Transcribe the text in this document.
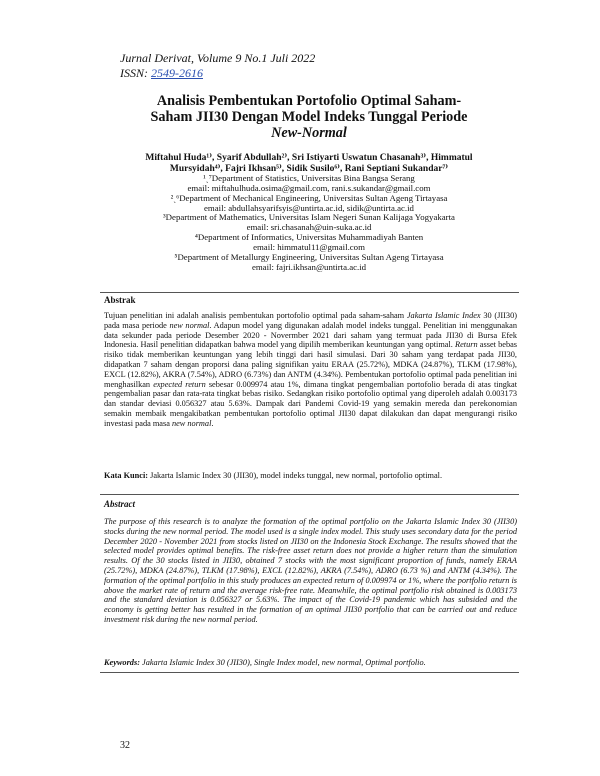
Jurnal Derivat, Volume 9 No.1 Juli 2022
ISSN: 2549-2616
Analisis Pembentukan Portofolio Optimal Saham-
Saham JII30 Dengan Model Indeks Tunggal Periode
New-Normal
Miftahul Huda¹⁾, Syarif Abdullah²⁾, Sri Istiyarti Uswatun Chasanah³⁾, Himmatul
Mursyidah⁴⁾, Fajri Ikhsan⁵⁾, Sidik Susilo⁶⁾, Rani Septiani Sukandar⁷⁾
¹ˎ⁷Department of Statistics, Universitas Bina Bangsa Serang
email: miftahulhuda.osima@gmail.com, rani.s.sukandar@gmail.com
²ˎ⁶Department of Mechanical Engineering, Universitas Sultan Ageng Tirtayasa
email: abdullahsyarifsyis@untirta.ac.id, sidik@untirta.ac.id
³Department of Mathematics, Universitas Islam Negeri Sunan Kalijaga Yogyakarta
email: sri.chasanah@uin-suka.ac.id
⁴Department of Informatics, Universitas Muhammadiyah Banten
email: himmatul11@gmail.com
⁵Department of Metallurgy Engineering, Universitas Sultan Ageng Tirtayasa
email: fajri.ikhsan@untirta.ac.id
Abstrak
Tujuan penelitian ini adalah analisis pembentukan portofolio optimal pada saham-saham Jakarta Islamic Index 30 (JII30) pada masa periode new normal. Adapun model yang digunakan adalah model indeks tunggal. Penelitian ini menggunakan data sekunder pada periode Desember 2020 - Novermber 2021 dari saham yang termuat pada JII30 di Bursa Efek Indonesia. Hasil penelitian didapatkan bahwa model yang dipilih memberikan keuntungan yang optimal. Return asset bebas risiko tidak memberikan keuntungan yang lebih tinggi dari hasil simulasi. Dari 30 saham yang terdapat pada JII30, didapatkan 7 saham dengan proporsi dana paling signifikan yaitu ERAA (25.72%), MDKA (24.87%), TLKM (17.98%), EXCL (12.82%), AKRA (7.54%), ADRO (6.73%) dan ANTM (4.34%). Pembentukan portofolio optimal pada penelitian ini menghasilkan expected return sebesar 0.009974 atau 1%, dimana tingkat pengembalian portofolio berada di atas tingkat pengembalian pasar dan rata-rata tingkat bebas risiko. Sedangkan risiko portofolio optimal yang diperoleh adalah 0.003173 dan standar deviasi 0.056327 atau 5.63%. Dampak dari Pandemi Covid-19 yang semakin mereda dan perekonomian semakin membaik mengakibatkan pembentukan portofolio optimal JII30 dapat dilakukan dan dapat mengurangi risiko investasi pada masa new normal.
Kata Kunci: Jakarta Islamic Index 30 (JII30), model indeks tunggal, new normal, portofolio optimal.
Abstract
The purpose of this research is to analyze the formation of the optimal portfolio on the Jakarta Islamic Index 30 (JII30) stocks during the new normal period. The model used is a single index model. This study uses secondary data for the period December 2020 - November 2021 from stocks listed on JII30 on the Indonesia Stock Exchange. The results showed that the selected model provides optimal benefits. The risk-free asset return does not provide a higher return than the simulation results. Of the 30 stocks listed in JII30, obtained 7 stocks with the most significant proportion of funds, namely ERAA (25.72%), MDKA (24.87%), TLKM (17.98%), EXCL (12.82%), AKRA (7.54%), ADRO (6.73 %) and ANTM (4.34%). The formation of the optimal portfolio in this study produces an expected return of 0.009974 or 1%, where the portfolio return is above the market rate of return and the average risk-free rate. Meanwhile, the optimal portfolio risk obtained is 0.003173 and the standard deviation is 0.056327 or 5.63%. The impact of the Covid-19 pandemic which has subsided and the economy is getting better has resulted in the formation of an optimal JII30 portfolio that can be carried out and reduce investment risk during the new normal period.
Keywords: Jakarta Islamic Index 30 (JII30), Single Index model, new normal, Optimal portfolio.
32
